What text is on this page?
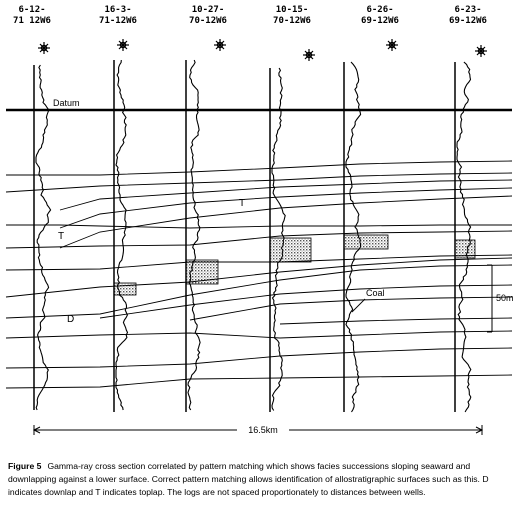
6-12-
71 12W6
16-3-
71-12W6
10-27-
70-12W6
10-15-
70-12W6
6-26-
69-12W6
6-23-
69-12W6
Datum
T
T
D
Coal	50m
16.5km
Figure 5 Gamma-ray cross section correlated by pattern matching which shows facies successions sloping seaward and downlapping against a lower surface. Correct pattern matching allows identification of allostratigraphic surfaces such as this. D indicates downlap and T indicates toplap. The logs are not spaced proportionately to distances between wells.
